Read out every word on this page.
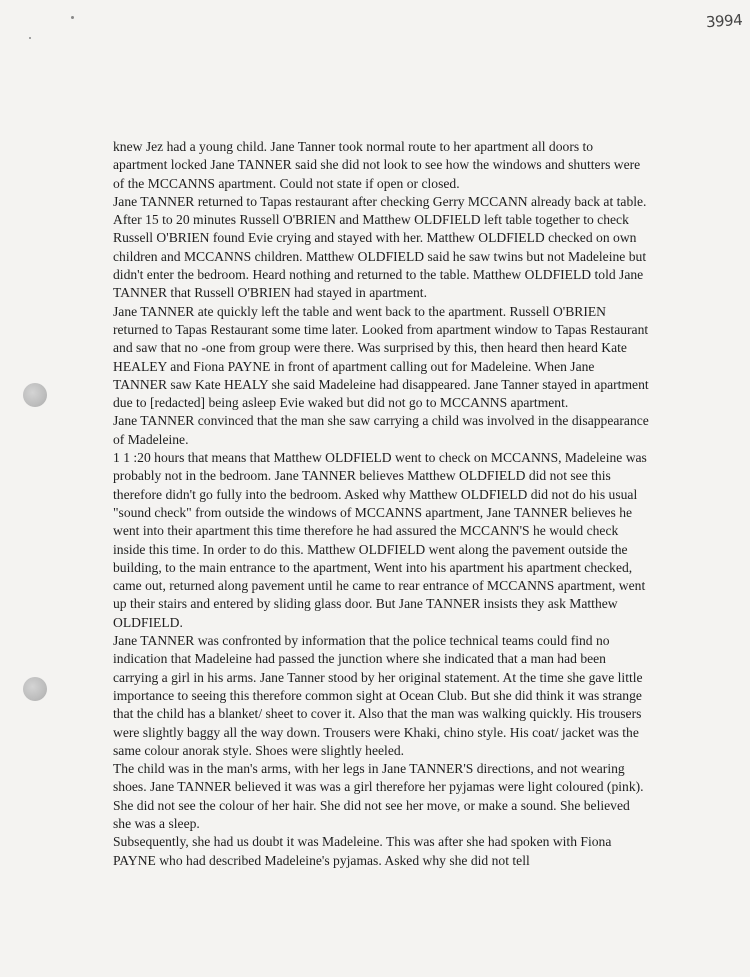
3994

knew Jez had a young child. Jane Tanner took normal route to her apartment all doors to apartment locked Jane TANNER said she did not look to see how the windows and shutters were of the MCCANNS apartment. Could not state if open or closed.

Jane TANNER returned to Tapas restaurant after checking Gerry MCCANN already back at table.

After 15 to 20 minutes Russell O'BRIEN and Matthew OLDFIELD left table together to check Russell O'BRIEN found Evie crying and stayed with her. Matthew OLDFIELD checked on own children and MCCANNS children. Matthew OLDFIELD said he saw twins but not Madeleine but didn't enter the bedroom. Heard nothing and returned to the table. Matthew OLDFIELD told Jane TANNER that Russell O'BRIEN had stayed in apartment.

Jane TANNER ate quickly left the table and went back to the apartment. Russell O'BRIEN returned to Tapas Restaurant some time later. Looked from apartment window to Tapas Restaurant and saw that no -one from group were there. Was surprised by this, then heard then heard Kate HEALEY and Fiona PAYNE in front of apartment calling out for Madeleine. When Jane TANNER saw Kate HEALY she said Madeleine had disappeared. Jane Tanner stayed in apartment due to [redacted] being asleep Evie waked but did not go to MCCANNS apartment.

Jane TANNER convinced that the man she saw carrying a child was involved in the disappearance of Madeleine.

1 1 :20 hours that means that Matthew OLDFIELD went to check on MCCANNS, Madeleine was probably not in the bedroom. Jane TANNER believes Matthew OLDFIELD did not see this therefore didn't go fully into the bedroom. Asked why Matthew OLDFIELD did not do his usual "sound check" from outside the windows of MCCANNS apartment, Jane TANNER believes he went into their apartment this time therefore he had assured the MCCANN'S he would check inside this time. In order to do this. Matthew OLDFIELD went along the pavement outside the building, to the main entrance to the apartment, Went into his apartment his apartment checked, came out, returned along pavement until he came to rear entrance of MCCANNS apartment, went up their stairs and entered by sliding glass door. But Jane TANNER insists they ask Matthew OLDFIELD.

Jane TANNER was confronted by information that the police technical teams could find no indication that Madeleine had passed the junction where she indicated that a man had been carrying a girl in his arms. Jane Tanner stood by her original statement. At the time she gave little importance to seeing this therefore common sight at Ocean Club. But she did think it was strange that the child has a blanket/ sheet to cover it. Also that the man was walking quickly. His trousers were slightly baggy all the way down. Trousers were Khaki, chino style. His coat/ jacket was the same colour anorak style. Shoes were slightly heeled.

The child was in the man's arms, with her legs in Jane TANNER'S directions, and not wearing shoes. Jane TANNER believed it was was a girl therefore her pyjamas were light coloured (pink). She did not see the colour of her hair. She did not see her move, or make a sound. She believed she was a sleep.

Subsequently, she had us doubt it was Madeleine. This was after she had spoken with Fiona PAYNE who had described Madeleine's pyjamas. Asked why she did not tell
